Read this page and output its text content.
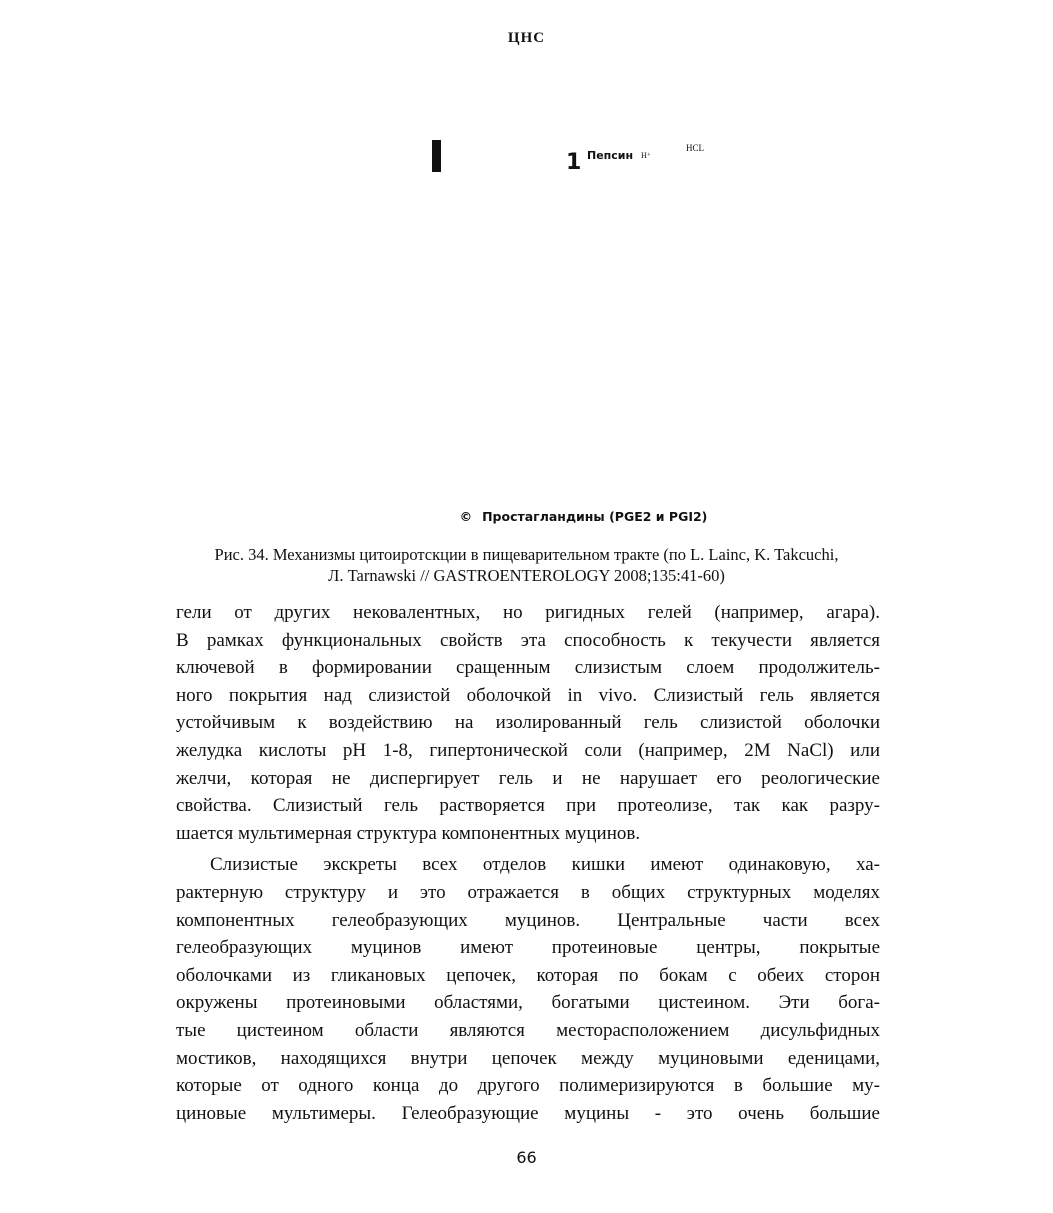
ЦНС
1 Пепсин Н⁺
HCL
© Простагландины (PGE2 и PGI2)
Рис. 34. Механизмы цитоиротскции в пищеварительном тракте (по L. Lainc, K. Takcuchi,
Л. Tarnawski // GASTROENTEROLOGY 2008;135:41-60)
гели от других нековалентных, но ригидных гелей (например, агара).
В рамках функциональных свойств эта способность к текучести является
ключевой в формировании сращенным слизистым слоем продолжитель-
ного покрытия над слизистой оболочкой in vivo. Слизистый гель является
устойчивым к воздействию на изолированный гель слизистой оболочки
желудка кислоты pH 1-8, гипертонической соли (например, 2М NaCl) или
желчи, которая не диспергирует гель и не нарушает его реологические
свойства. Слизистый гель растворяется при протеолизе, так как разру-
шается мультимерная структура компонентных муцинов.
Слизистые экскреты всех отделов кишки имеют одинаковую, ха-
рактерную структуру и это отражается в общих структурных моделях
компонентных гелеобразующих муцинов. Центральные части всех
гелеобразующих муцинов имеют протеиновые центры, покрытые
оболочками из гликановых цепочек, которая по бокам с обеих сторон
окружены протеиновыми областями, богатыми цистеином. Эти бога-
тые цистеином области являются месторасположением дисульфидных
мостиков, находящихся внутри цепочек между муциновыми еденицами,
которые от одного конца до другого полимеризируются в большие му-
циновые мультимеры. Гелеобразующие муцины - это очень большие
66
